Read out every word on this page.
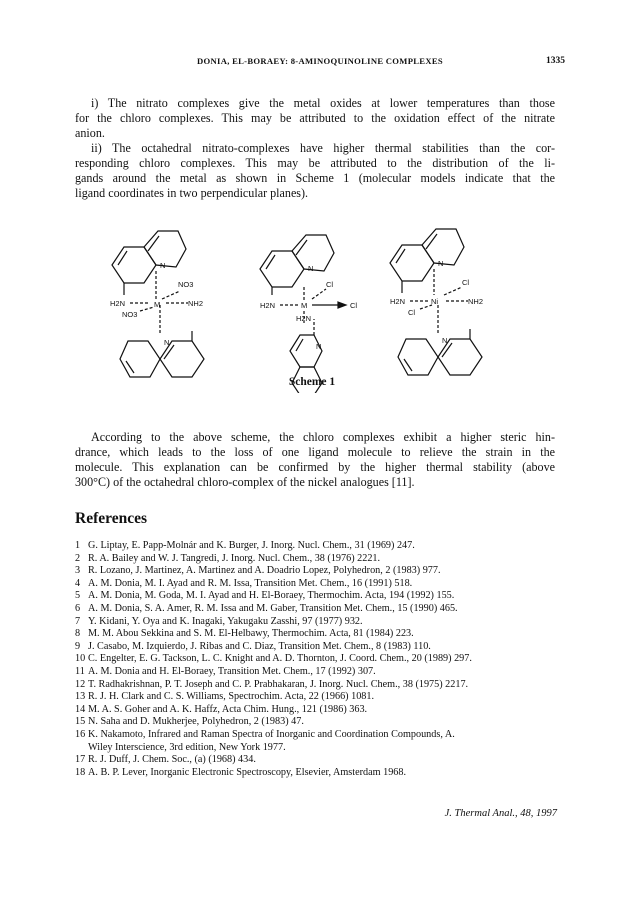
DONIA, EL-BORAEY: 8-AMINOQUINOLINE COMPLEXES	1335
i) The nitrato complexes give the metal oxides at lower temperatures than those
for the chloro complexes. This may be attributed to the oxidation effect of the nitrate
anion.
ii) The octahedral nitrato-complexes have higher thermal stabilities than the cor-
responding chloro complexes. This may be attributed to the distribution of the li-
gands around the metal as shown in Scheme 1 (molecular models indicate that the
ligand coordinates in two perpendicular planes).
N
N
M
NO3
NO3
H2N	NH2
N
N
M
Cl
Cl
H2N
H2N
N
N
Ni
Cl
Cl
H2N	NH2
Scheme 1
According to the above scheme, the chloro complexes exhibit a higher steric hin-
drance, which leads to the loss of one ligand molecule to relieve the strain in the
molecule. This explanation can be confirmed by the higher thermal stability (above
300°C) of the octahedral chloro-complex of the nickel analogues [11].
References
1 G. Liptay, E. Papp-Molnár and K. Burger, J. Inorg. Nucl. Chem., 31 (1969) 247.
2 R. A. Bailey and W. J. Tangredi, J. Inorg. Nucl. Chem., 38 (1976) 2221.
3 R. Lozano, J. Martinez, A. Martinez and A. Doadrio Lopez, Polyhedron, 2 (1983) 977.
4 A. M. Donia, M. I. Ayad and R. M. Issa, Transition Met. Chem., 16 (1991) 518.
5 A. M. Donia, M. Goda, M. I. Ayad and H. El-Boraey, Thermochim. Acta, 194 (1992) 155.
6 A. M. Donia, S. A. Amer, R. M. Issa and M. Gaber, Transition Met. Chem., 15 (1990) 465.
7 Y. Kidani, Y. Oya and K. Inagaki, Yakugaku Zasshi, 97 (1977) 932.
8 M. M. Abou Sekkina and S. M. El-Helbawy, Thermochim. Acta, 81 (1984) 223.
9 J. Casabo, M. Izquierdo, J. Ribas and C. Diaz, Transition Met. Chem., 8 (1983) 110.
10 C. Engelter, E. G. Tackson, L. C. Knight and A. D. Thornton, J. Coord. Chem., 20 (1989) 297.
11 A. M. Donia and H. El-Boraey, Transition Met. Chem., 17 (1992) 307.
12 T. Radhakrishnan, P. T. Joseph and C. P. Prabhakaran, J. Inorg. Nucl. Chem., 38 (1975) 2217.
13 R. J. H. Clark and C. S. Williams, Spectrochim. Acta, 22 (1966) 1081.
14 M. A. S. Goher and A. K. Haffz, Acta Chim. Hung., 121 (1986) 363.
15 N. Saha and D. Mukherjee, Polyhedron, 2 (1983) 47.
16 K. Nakamoto, Infrared and Raman Spectra of Inorganic and Coordination Compounds, A.
Wiley Interscience, 3rd edition, New York 1977.
17 R. J. Duff, J. Chem. Soc., (a) (1968) 434.
18 A. B. P. Lever, Inorganic Electronic Spectroscopy, Elsevier, Amsterdam 1968.
J. Thermal Anal., 48, 1997
